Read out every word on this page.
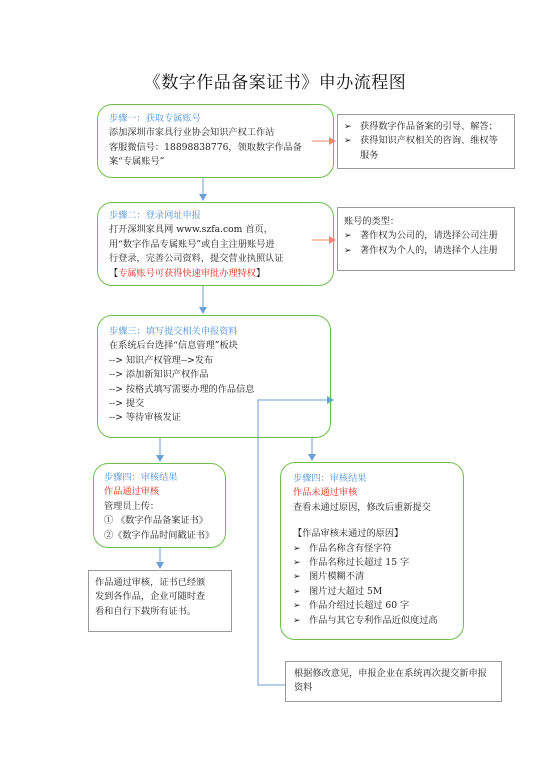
《数字作品备案证书》申办流程图
步骤一：获取专属账号
添加深圳市家具行业协会知识产权工作站
客服微信号：18898838776，领取数字作品备
案“专属账号”
➢ 获得数字作品备案的引导、解答；
➢ 获得知识产权相关的咨询、维权等
服务
步骤二：登录网址申报
打开深圳家具网 www.szfa.com 首页，
用“数字作品专属账号”或自主注册账号进
行登录，完善公司资料，提交营业执照认证
【专属账号可获得快速审批办理特权】
账号的类型：
➢ 著作权为公司的，请选择公司注册
➢ 著作权为个人的，请选择个人注册
步骤三：填写提交相关申报资料
在系统后台选择“信息管理”板块
--> 知识产权管理-->发布
--> 添加新知识产权作品
--> 按格式填写需要办理的作品信息
--> 提交
--> 等待审核发证
步骤四：审核结果
作品通过审核
管理员上传：
① 《数字作品备案证书》
②《数字作品时间戳证书》
步骤四：审核结果
作品未通过审核
查看未通过原因，修改后重新提交
【作品审核未通过的原因】
➢ 作品名称含有怪字符
➢ 作品名称过长超过 15 字
➢ 图片模糊不清
➢ 图片过大超过 5M
➢ 作品介绍过长超过 60 字
➢ 作品与其它专利作品近似度过高
作品通过审核，证书已经颁
发到各作品，企业可随时查
看和自行下载所有证书。
根据修改意见，申报企业在系统再次提交新申报
资料
